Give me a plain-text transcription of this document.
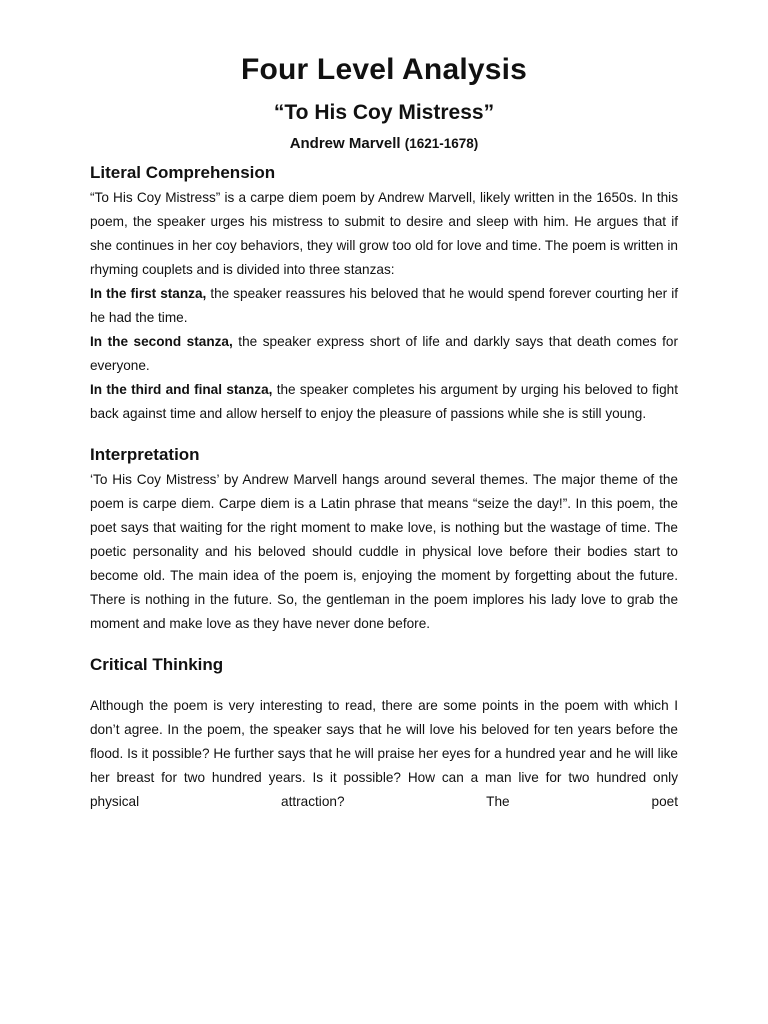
Four Level Analysis
“To His Coy Mistress”
Andrew Marvell (1621-1678)
Literal Comprehension

“To His Coy Mistress” is a carpe diem poem by Andrew Marvell, likely written in the 1650s. In this poem, the speaker urges his mistress to submit to desire and sleep with him. He argues that if she continues in her coy behaviors, they will grow too old for love and time. The poem is written in rhyming couplets and is divided into three stanzas:

In the first stanza, the speaker reassures his beloved that he would spend forever courting her if he had the time.

In the second stanza, the speaker express short of life and darkly says that death comes for everyone.

In the third and final stanza, the speaker completes his argument by urging his beloved to fight back against time and allow herself to enjoy the pleasure of passions while she is still young.

Interpretation

‘To His Coy Mistress’ by Andrew Marvell hangs around several themes. The major theme of the poem is carpe diem. Carpe diem is a Latin phrase that means “seize the day!”. In this poem, the poet says that waiting for the right moment to make love, is nothing but the wastage of time. The poetic personality and his beloved should cuddle in physical love before their bodies start to become old. The main idea of the poem is, enjoying the moment by forgetting about the future. There is nothing in the future. So, the gentleman in the poem implores his lady love to grab the moment and make love as they have never done before.

Critical Thinking

Although the poem is very interesting to read, there are some points in the poem with which I don’t agree. In the poem, the speaker says that he will love his beloved for ten years before the flood. Is it possible? He further says that he will praise her eyes for a hundred year and he will like her breast for two hundred years. Is it possible? How can a man live for two hundred only physical attraction? The poet
